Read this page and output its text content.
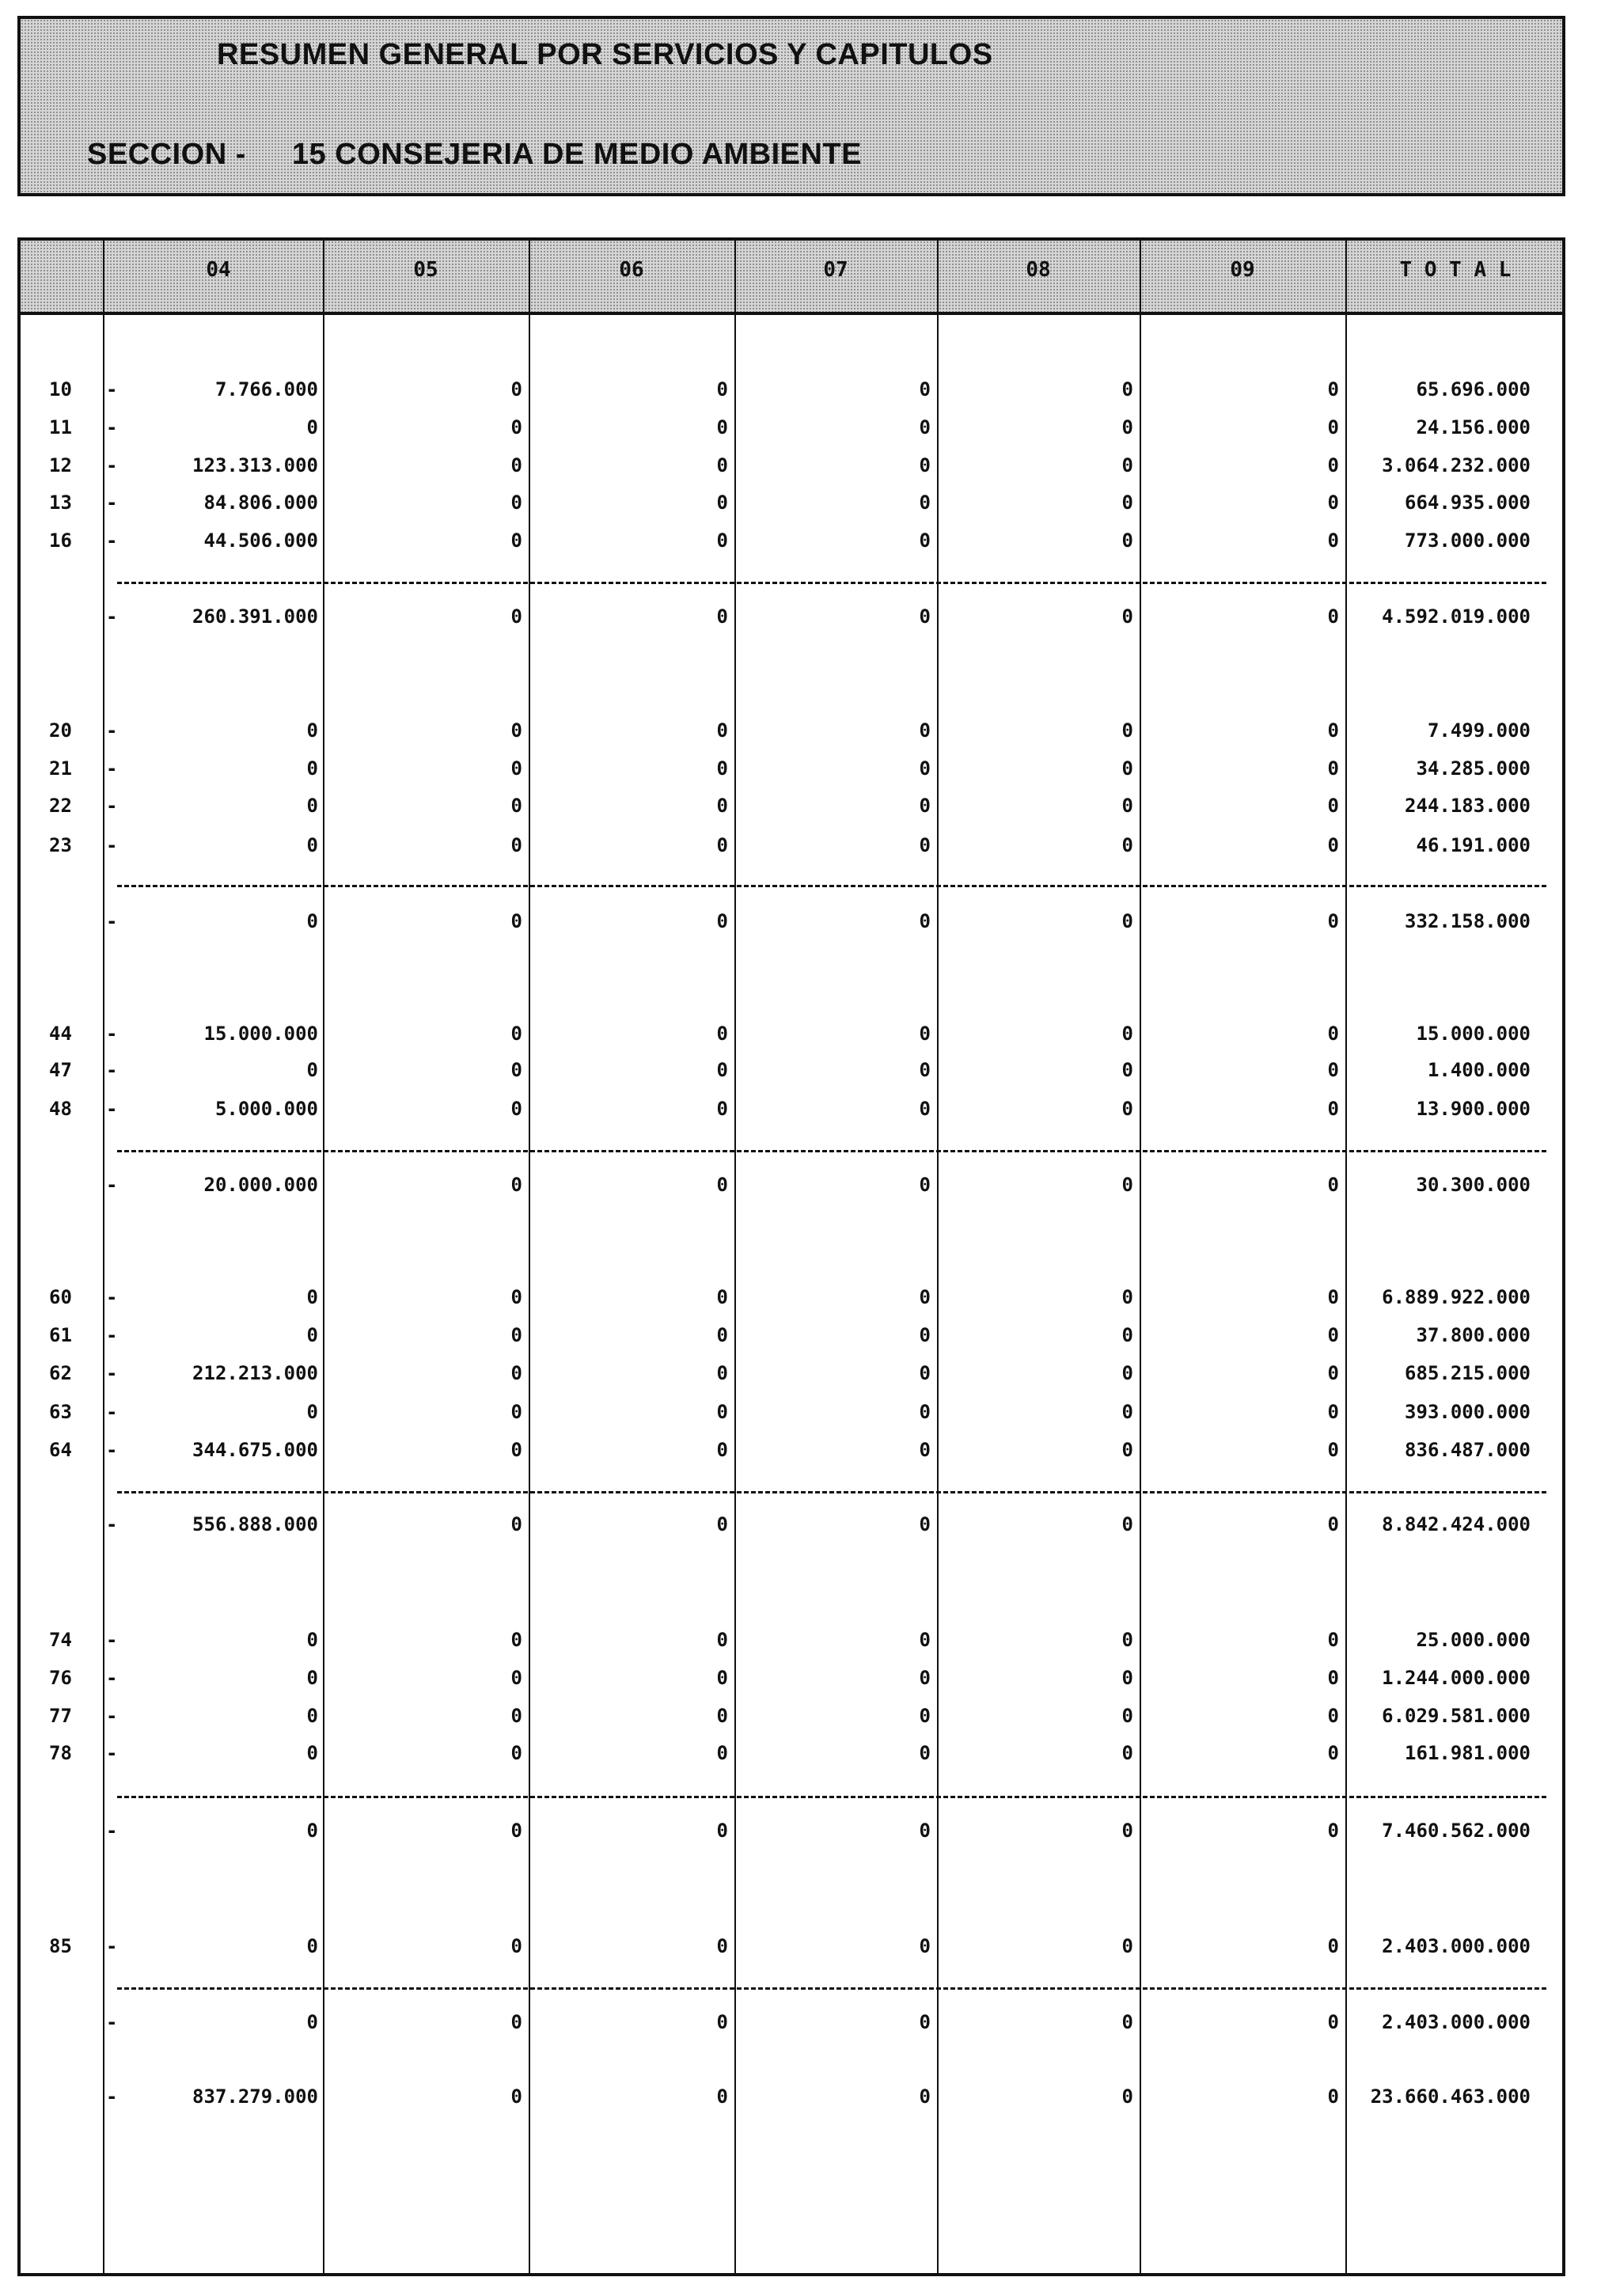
RESUMEN GENERAL POR SERVICIOS Y CAPITULOS
SECCION - 15 CONSEJERIA DE MEDIO AMBIENTE
04	05	06	07	08	09	T O T A L
10 -	7.766.000	0	0	0	0	0	65.696.000
11 -	0	0	0	0	0	0	24.156.000
12 -	123.313.000	0	0	0	0	0 3.064.232.000
13 -	84.806.000	0	0	0	0	0	664.935.000
16 -	44.506.000	0	0	0	0	0	773.000.000
-	260.391.000	0	0	0	0	0 4.592.019.000
20 -	0	0	0	0	0	0	7.499.000
21 -	0	0	0	0	0	0	34.285.000
22 -	0	0	0	0	0	0	244.183.000
23 -	0	0	0	0	0	0	46.191.000
-	0	0	0	0	0	0	332.158.000
44 -	15.000.000	0	0	0	0	0	15.000.000
47 -	0	0	0	0	0	0	1.400.000
48 -	5.000.000	0	0	0	0	0	13.900.000
-	20.000.000	0	0	0	0	0	30.300.000
60 -	0	0	0	0	0	0 6.889.922.000
61 -	0	0	0	0	0	0	37.800.000
62 -	212.213.000	0	0	0	0	0	685.215.000
63 -	0	0	0	0	0	0	393.000.000
64 -	344.675.000	0	0	0	0	0	836.487.000
-	556.888.000	0	0	0	0	0 8.842.424.000
74 -	0	0	0	0	0	0	25.000.000
76 -	0	0	0	0	0	0 1.244.000.000
77 -	0	0	0	0	0	0 6.029.581.000
78 -	0	0	0	0	0	0	161.981.000
-	0	0	0	0	0	0 7.460.562.000
85 -	0	0	0	0	0	0 2.403.000.000
-	0	0	0	0	0	0 2.403.000.000
-	837.279.000	0	0	0	0	0 23.660.463.000
